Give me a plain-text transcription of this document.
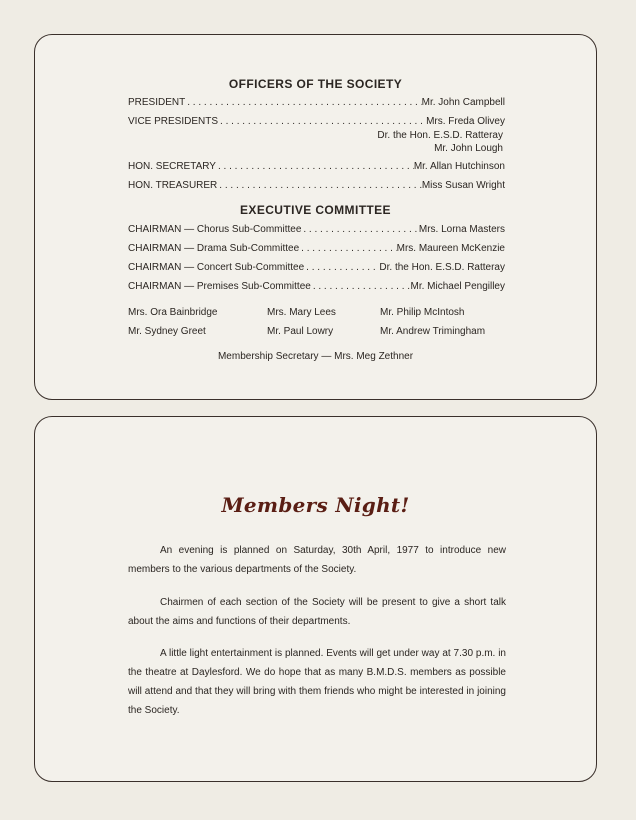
OFFICERS OF THE SOCIETY
PRESIDENT . . .	Mr. John Campbell
VICE PRESIDENTS . . .	Mrs. Freda Olivey
Dr. the Hon. E.S.D. Ratteray
Mr. John Lough
HON. SECRETARY . . .	Mr. Allan Hutchinson
HON. TREASURER . . .	Miss Susan Wright
EXECUTIVE COMMITTEE
CHAIRMAN — Chorus Sub-Committee . . .	Mrs. Lorna Masters
CHAIRMAN — Drama Sub-Committee . . .	Mrs. Maureen McKenzie
CHAIRMAN — Concert Sub-Committee . . .	Dr. the Hon. E.S.D. Ratteray
CHAIRMAN — Premises Sub-Committee . . .	Mr. Michael Pengilley
Mrs. Ora Bainbridge	Mrs. Mary Lees	Mr. Philip McIntosh
Mr. Sydney Greet	Mr. Paul Lowry	Mr. Andrew Trimingham
Membership Secretary — Mrs. Meg Zethner
Members Night!
An evening is planned on Saturday, 30th April, 1977 to introduce new members to the various departments of the Society.
Chairmen of each section of the Society will be present to give a short talk about the aims and functions of their departments.
A little light entertainment is planned. Events will get under way at 7.30 p.m. in the theatre at Daylesford. We do hope that as many B.M.D.S. members as possible will attend and that they will bring with them friends who might be interested in joining the Society.
